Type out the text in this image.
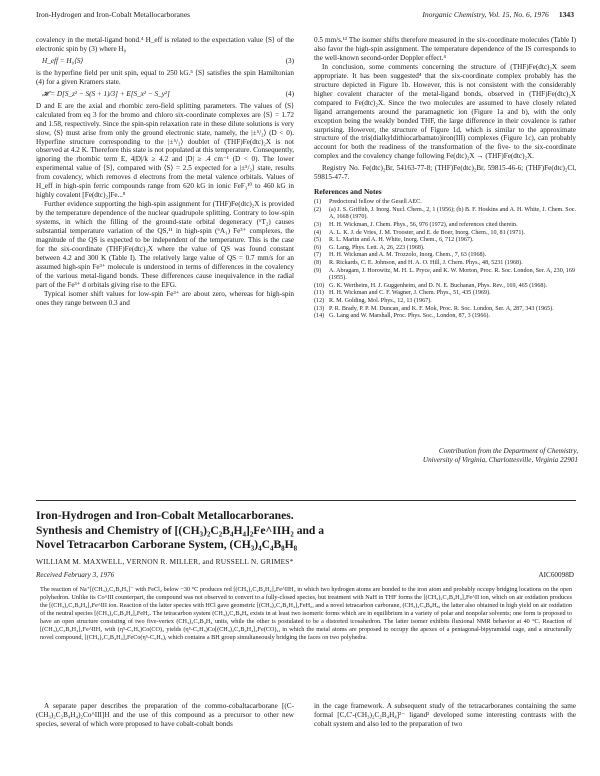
Iron-Hydrogen and Iron-Cobalt Metallocarboranes	Inorganic Chemistry, Vol. 15, No. 6, 1976 1343

covalency in the metal-ligand bond.⁴ H_eff is related to the expectation value ⟨S⟩ of the electronic spin by (3) where H₀

H_eff = H₀⟨S⟩	(3)

is the hyperfine field per unit spin, equal to 250 kG.⁵ ⟨S⟩ satisfies the spin Hamiltonian (4) for a given Kramers state.

𝓗 = D[S_z² − S(S + 1)/3] + E[S_x² − S_y²]	(4)

D and E are the axial and rhombic zero-field splitting parameters. The values of ⟨S⟩ calculated from eq 3 for the bromo and chloro six-coordinate complexes are ⟨S⟩ = 1.72 and 1.58, respectively. Since the spin-spin relaxation rate in these dilute solutions is very slow, ⟨S⟩ must arise from only the ground electronic state, namely, the |±⁵/₂⟩ (D < 0). Hyperfine structure corresponding to the |±⁵/₂⟩ doublet of (THF)Fe(dtc)₂X is not observed at 4.2 K. Therefore this state is not populated at this temperature. Consequently, ignoring the rhombic term E, 4|D|/k ≥ 4.2 and |D| ≥ .4 cm⁻¹ (D < 0). The lower experimental value of ⟨S⟩, compared with ⟨S⟩ = 2.5 expected for a |±⁵/₂⟩ state, results from covalency, which removes d electrons from the metal valence orbitals. Values of H_eff in high-spin ferric compounds range from 620 kG in ionic FeF₃¹⁰ to 460 kG in highly covalent [Fe(dtc)₂]Fe...⁸

Further evidence supporting the high-spin assignment for (THF)Fe(dtc)₂X is provided by the temperature dependence of the nuclear quadrupole splitting. Contrary to low-spin systems, in which the filling of the ground-state orbital degeneracy (⁶T₂) causes substantial temperature variation of the QS,¹¹ in high-spin (⁶A₁) Fe³⁺ complexes, the magnitude of the QS is expected to be independent of the temperature. This is the case for the six-coordinate (THF)Fe(dtc)₂X where the value of QS was found constant between 4.2 and 300 K (Table I). The relatively large value of QS = 0.7 mm/s for an assumed high-spin Fe³⁺ molecule is understood in terms of differences in the covalency of the various metal-ligand bonds. These differences cause inequivalence in the radial part of the Fe³⁺ d orbitals giving rise to the EFG.

Typical isomer shift values for low-spin Fe³⁺ are about zero, whereas for high-spin ones they range between 0.3 and

0.5 mm/s.¹² The isomer shifts therefore measured in the six-coordinate molecules (Table I) also favor the high-spin assignment. The temperature dependence of the IS corresponds to the well-known second-order Doppler effect.⁴

In conclusion, some comments concerning the structure of (THF)Fe(dtc)₂X seem appropriate. It has been suggested⁴ that the six-coordinate complex probably has the structure depicted in Figure 1b. However, this is not consistent with the considerably higher covalent character of the metal-ligand bonds, observed in (THF)Fe(dtc)₂X compared to Fe(dtc)₂X. Since the two molecules are assumed to have closely related ligand arrangements around the paramagnetic ion (Figure 1a and b), with the only exception being the weakly bonded THF, the large difference in their covalence is rather surprising. However, the structure of Figure 1d, which is similar to the approximate structure of the tris(dialkyldithiocarbamato)iron(III) complexes (Figure 1c), can probably account for both the readiness of the transformation of the five- to the six-coordinate complex and the covalency change following Fe(dtc)₂X → (THF)Fe(dtc)₂X.

Registry No. Fe(dtc)₂Br, 54163-77-8; (THF)Fe(dtc)₂Br, 59815-46-6; (THF)Fe(dtc)₂Cl, 59815-47-7.

References and Notes
(1)	Predoctoral fellow of the Gesell AEC.
(2)	(a) J. S. Griffith, J. Inorg. Nucl. Chem., 2, 1 (1956); (b) B. F. Hoskins and A. H. White, J. Chem. Soc. A, 1668 (1970).
(3)	H. H. Wickman, J. Chem. Phys., 56, 976 (1972), and references cited therein.
(4)	A. L. K. J. de Vries, J. M. Trooster, and E. de Boer, Inorg. Chem., 10, 81 (1971).
(5)	R. L. Martin and A. H. White, Inorg. Chem., 6, 712 (1967).
(6)	G. Lang, Phys. Lett. A, 26, 223 (1968).
(7)	H. H. Wickman and A. M. Trozzolo, Inorg. Chem., 7, 63 (1968).
(8)	R. Rickards, C. E. Johnson, and H. A. O. Hill, J. Chem. Phys., 48, 5231 (1968).
(9)	A. Abragam, J. Horowitz, M. H. L. Pryce, and K. W. Morton, Proc. R. Soc. London, Ser. A, 230, 169 (1955).
(10) G. K. Wertheim, H. J. Guggenheim, and D. N. E. Buchanan, Phys. Rev., 169, 465 (1968).
(11) H. H. Wickman and C. F. Wagner, J. Chem. Phys., 51, 435 (1969).
(12) R. M. Golding, Mol. Phys., 12, 13 (1967).
(13) P. R. Brady, P. P. M. Duncan, and K. F. Mok, Proc. R. Soc. London, Ser. A, 287, 343 (1965).
(14) G. Lang and W. Marshall, Proc. Phys. Soc., London, 87, 3 (1966).
Contribution from the Department of Chemistry,
University of Virginia, Charlottesville, Virginia 22901
Iron-Hydrogen and Iron-Cobalt Metallocarboranes.
Synthesis and Chemistry of [(CH₃)₂C₂B₄H₄]₂Fe^IIH₂ and a
Novel Tetracarbon Carborane System, (CH₃)₄C₄B₈H₈
WILLIAM M. MAXWELL, VERNON R. MILLER, and RUSSELL N. GRIMES*
Received February 3, 1976	AIC60098D
The reaction of Na⁺[(CH₃)₂C₂B₄H₅]⁻ with FeCl₂ below −30 °C produces red [(CH₃)₂C₂B₄H₄]₂Fe^IIH₂ in which two hydrogen atoms are bonded to the iron atom and probably occupy bridging locations on the open polyhedron. Unlike its Co^III counterpart, the compound was not observed to convert to a fully-closed species, but treatment with NaH in THF forms the [(CH₃)₂C₂B₄H₄]₂Fe^II ion, which on air oxidation produces the [(CH₃)₂C₂B₄H₄]₂Fe^III ion. Reaction of the latter species with HCl gave geometric [(CH₃)₂C₂B₄H₄]₂FeH₂, and a novel tetracarbon carborane, (CH₃)₄C₄B₈H₈, the latter also obtained in high yield on air oxidation of the neutral species [(CH₃)₂C₂B₄H₄]₂FeH₂. The tetracarbon system (CH₃)₄C₄B₈H₈ exists in at least two isomeric forms which are in equilibrium in a variety of polar and nonpolar solvents; one form is proposed to have an open structure consisting of two five-vertex (CH₃)₂C₂B₄H₄ units, while the other is postulated to be a distorted icosahedron. The latter isomer exhibits fluxional NMR behavior at 40 °C. Reaction of [(CH₃)₂C₂B₄H₄]₂Fe^IIH₂ with (η⁵-C₅H₅)Co(CO)₂ yields (η⁵-C₅H₅)Co[(CH₃)₂C₂B₄H₄]₂Fe(CO)₂, in which the metal atoms are proposed to occupy the apexes of a pentagonal-bipyramidal cage, and a structurally novel compound, [(CH₃)₂C₂B₄H₄]₂FeCo(η⁵-C₅H₅), which contains a BH group simultaneously bridging the faces on two polyhedra.

A separate paper describes the preparation of the commo-cobaltacarborane [(C-(CH₃)₂C₂B₄H₄)₂Co^III]H and the use of this compound as a precursor to other new species, several of which were proposed to have cobalt-cobalt bonds

in the cage framework. A subsequent study of the tetracarboranes containing the same formal [C,C'-(CH₃)₂C₂B₄H₄]²⁻ ligand² developed some interesting contrasts with the cobalt system and also led to the preparation of two
